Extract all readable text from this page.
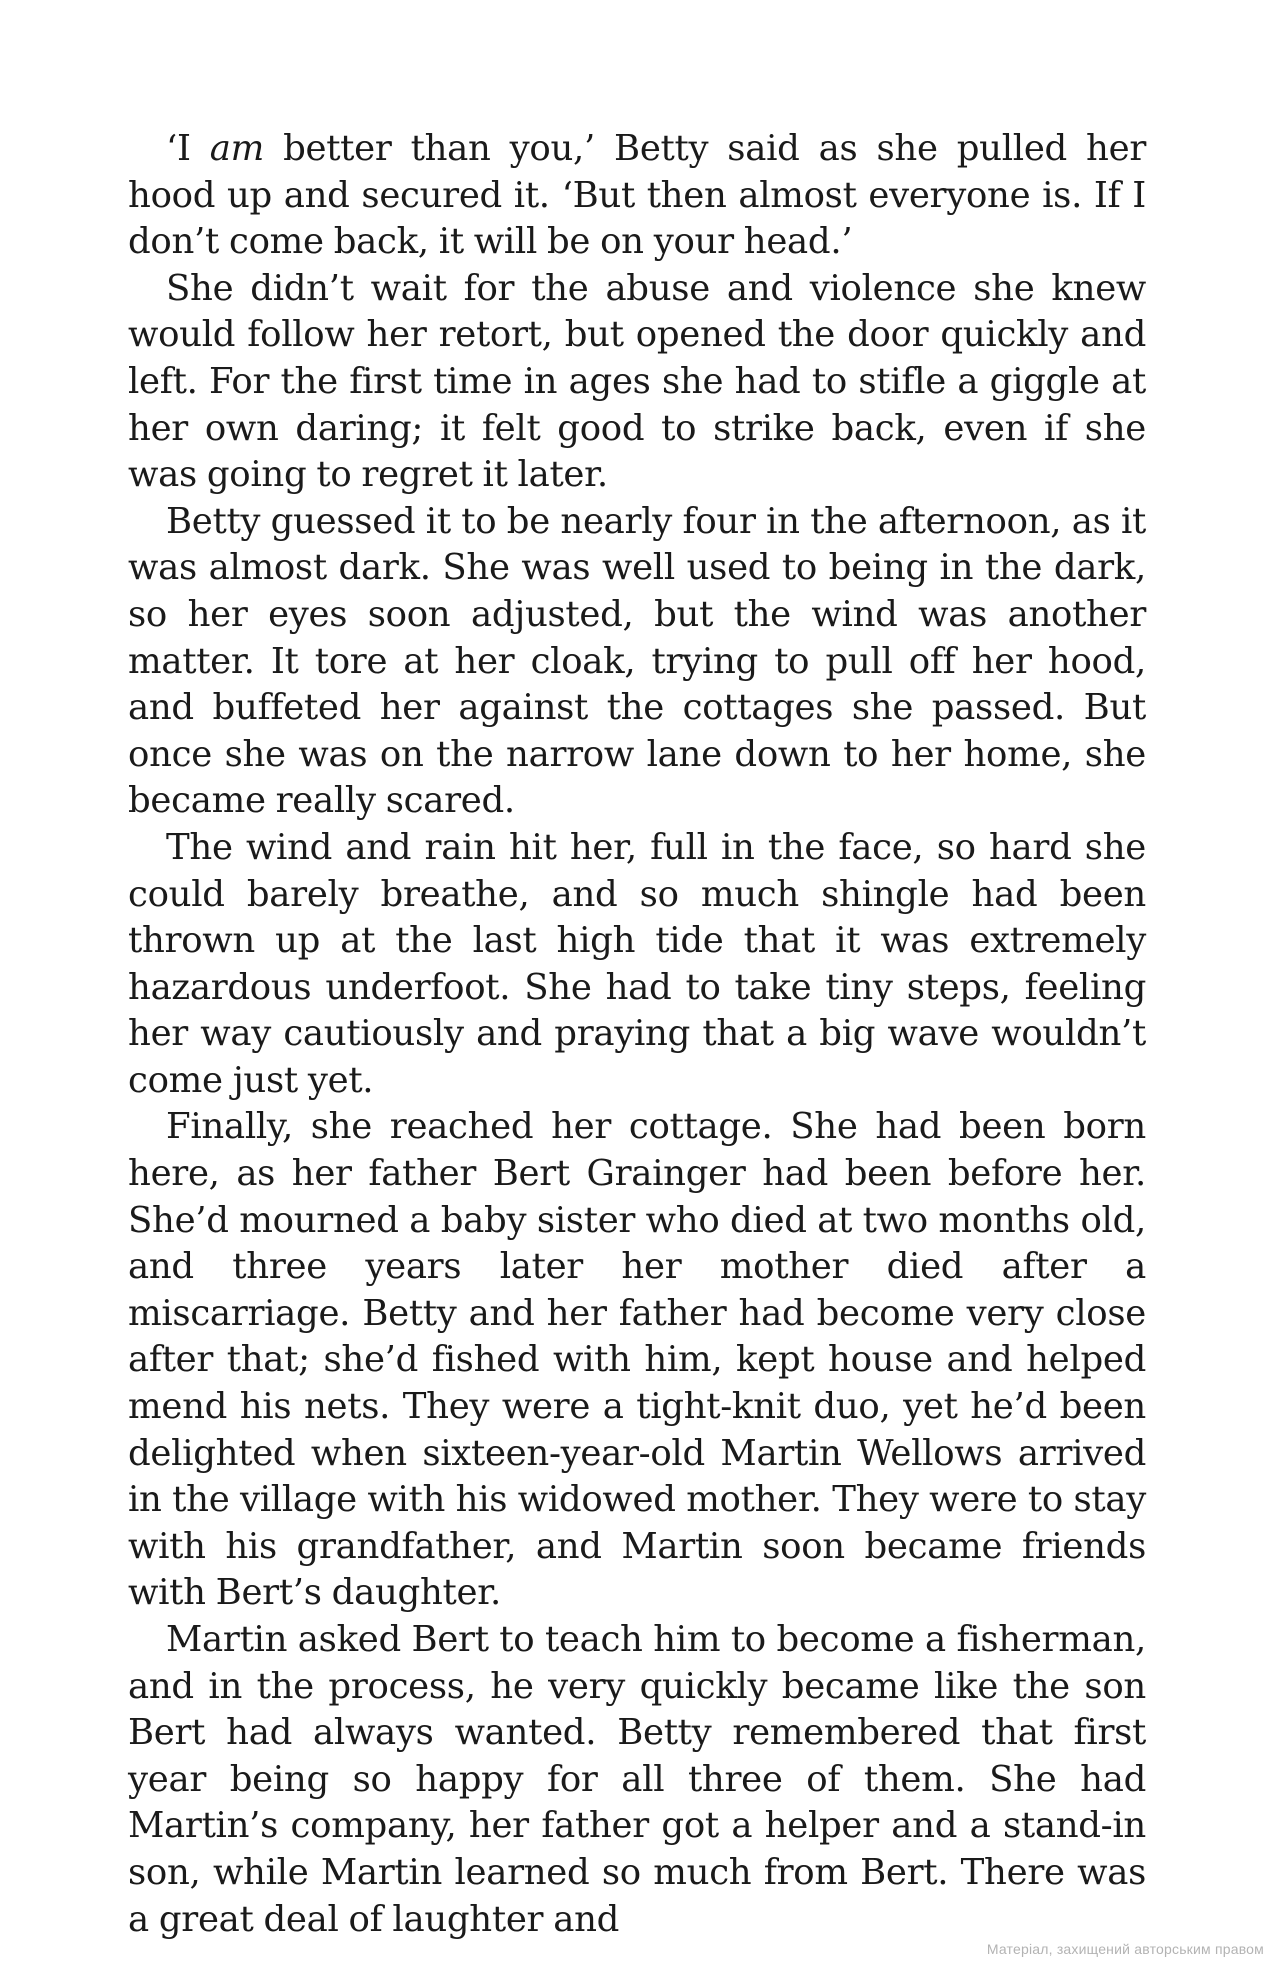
‘I am better than you,’ Betty said as she pulled her hood up and secured it. ‘But then almost everyone is. If I don’t come back, it will be on your head.’

She didn’t wait for the abuse and violence she knew would follow her retort, but opened the door quickly and left. For the first time in ages she had to stifle a giggle at her own daring; it felt good to strike back, even if she was going to regret it later.

Betty guessed it to be nearly four in the afternoon, as it was almost dark. She was well used to being in the dark, so her eyes soon adjusted, but the wind was another matter. It tore at her cloak, trying to pull off her hood, and buffeted her against the cottages she passed. But once she was on the narrow lane down to her home, she became really scared.

The wind and rain hit her, full in the face, so hard she could barely breathe, and so much shingle had been thrown up at the last high tide that it was extremely hazardous underfoot. She had to take tiny steps, feeling her way cautiously and praying that a big wave wouldn’t come just yet.

Finally, she reached her cottage. She had been born here, as her father Bert Grainger had been before her. She’d mourned a baby sister who died at two months old, and three years later her mother died after a miscarriage. Betty and her father had become very close after that; she’d fished with him, kept house and helped mend his nets. They were a tight-knit duo, yet he’d been delighted when sixteen-year-old Martin Wellows arrived in the village with his widowed mother. They were to stay with his grandfather, and Martin soon became friends with Bert’s daughter.

Martin asked Bert to teach him to become a fisherman, and in the process, he very quickly became like the son Bert had always wanted. Betty remembered that first year being so happy for all three of them. She had Martin’s company, her father got a helper and a stand-in son, while Martin learned so much from Bert. There was a great deal of laughter and

Матеріал, захищений авторським правом
